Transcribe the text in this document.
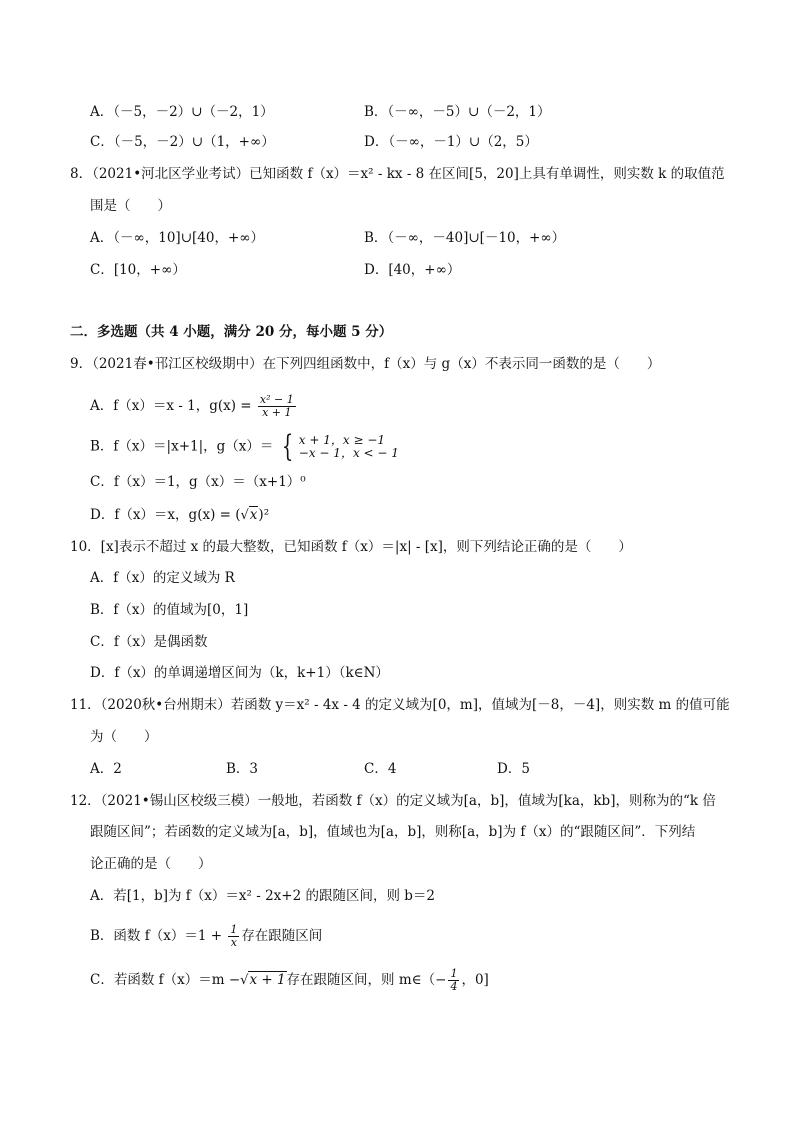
A．（－5，－2）∪（－2，1）	B．（－∞，－5）∪（－2，1）
C．（－5，－2）∪（1，+∞）	D．（－∞，－1）∪（2，5）
8．（2021•河北区学业考试）已知函数 f（x）＝x² - kx - 8 在区间[5，20]上具有单调性，则实数 k 的取值范
围是（　　）
A．（－∞，10]∪[40，+∞）	B．（－∞，－40]∪[－10，+∞）
C．[10，+∞）	D．[40，+∞）
二．多选题（共 4 小题，满分 20 分，每小题 5 分）
9．（2021春•邗江区校级期中）在下列四组函数中，f（x）与 g（x）不表示同一函数的是（　　）
A．f（x）＝x - 1，$g(x) = \frac{\text{x² − 1}}{x + 1}$
B．f（x）＝|x+1|，g（x）＝ { x + 1，x ≥ −1
−x − 1，x < − 1
C．f（x）＝1，g（x）＝（x+1）⁰
D．f（x）＝x，g(x) = (√x)²
10．[x]表示不超过 x 的最大整数，已知函数 f（x）＝|x| - [x]，则下列结论正确的是（　　）
A．f（x）的定义域为 R
B．f（x）的值域为[0，1]
C．f（x）是偶函数
D．f（x）的单调递增区间为（k，k+1）（k∈N）
11．（2020秋•台州期末）若函数 y＝x² - 4x - 4 的定义域为[0，m]，值域为[－8，－4]，则实数 m 的值可能
为（　　）
A．2	B．3	C．4	D．5
12．（2021•锡山区校级三模）一般地，若函数 f（x）的定义域为[a，b]，值域为[ka，kb]，则称为的“k 倍
跟随区间”；若函数的定义域为[a，b]，值域也为[a，b]，则称[a，b]为 f（x）的“跟随区间”．下列结
论正确的是（　　）
A．若[1，b]为 f（x）＝x² - 2x+2 的跟随区间，则 b＝2
B．函数 $f(x)=1 + \frac{1}{x}$ 存在跟随区间
C．若函数 f（x）＝m −√x + 1存在跟随区间，则 m∈（− $\frac{1}{4}$ ，0]
